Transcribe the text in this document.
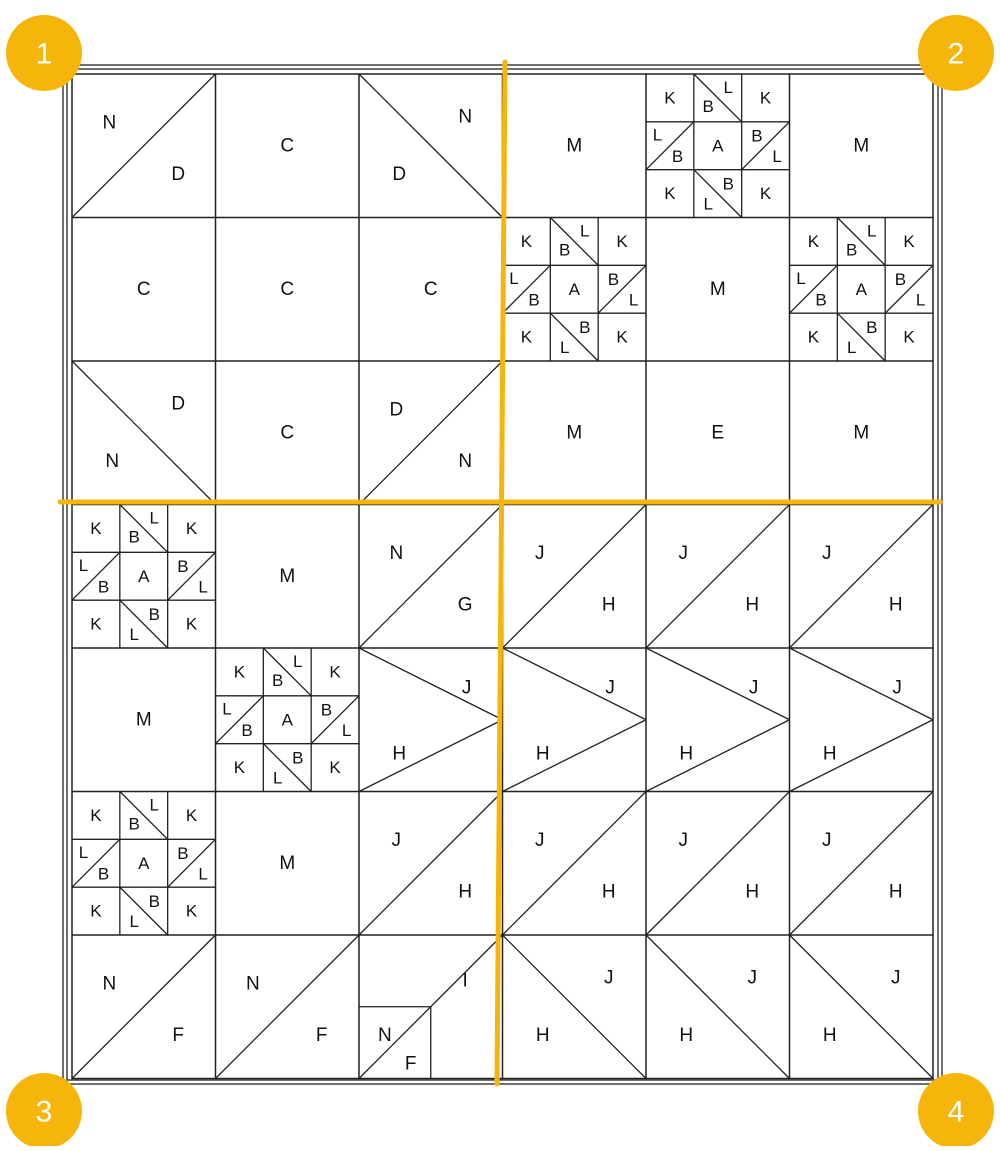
N
D
C
N
D
M
K	K
K	K
A
L
B
B
L
L
B
B
L
M
C	C	C
K	K
K	K
A
L
B
B
L
L
B
B
L
M
K	K
K	K
A
L
B
B
L
L
B
B
L
D
N
C
D
N
M	E	M
K	K
K	K
A
L
B
B
L
L
B
B
L
M
N
G
J
H
J
H
J
H
M
K	K
K	K
A
L
B
B
L
L
B
B
L
J
H
J
H
J
H
J
H
K	K
K	K
A
L
B
B
L
L
B
B
L
M
J
H
J
H
J
H
J
H
N
F
N
F
I
N
F
J
H
J
H
J
H
1	2
3	4
